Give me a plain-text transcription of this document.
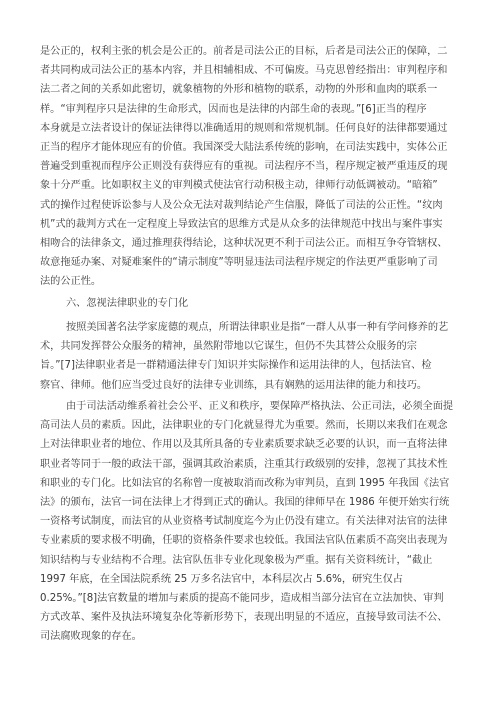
是公正的，权利主张的机会是公正的。前者是司法公正的目标，后者是司法公正的保障，二
者共同构成司法公正的基本内容，并且相辅相成、不可偏废。马克思曾经指出：审判程序和
法二者之间的关系如此密切，就象植物的外形和植物的联系，动物的外形和血肉的联系一
样。“审判程序只是法律的生命形式，因而也是法律的内部生命的表现。”[6]正当的程序
本身就是立法者设计的保证法律得以准确适用的规则和常规机制。任何良好的法律都要通过
正当的程序才能体现应有的价值。我国深受大陆法系传统的影响，在司法实践中，实体公正
普遍受到重视而程序公正则没有获得应有的重视。司法程序不当，程序规定被严重违反的现
象十分严重。比如职权主义的审判模式使法官行动积极主动，律师行动低调被动。“暗箱”
式的操作过程使诉讼参与人及公众无法对裁判结论产生信服，降低了司法的公正性。“纹肉
机”式的裁判方式在一定程度上导致法官的思维方式是从众多的法律规范中找出与案件事实
相吻合的法律条文，通过推理获得结论，这种状况更不利于司法公正。而相互争夺管辖权、
故意拖延办案、对疑难案件的“请示制度”等明显违法司法程序规定的作法更严重影响了司
法的公正性。
六、忽视法律职业的专门化
按照美国著名法学家庞德的观点，所谓法律职业是指“一群人从事一种有学问修养的艺
术，共同发挥替公众服务的精神，虽然附带地以它谋生，但仍不失其替公众服务的宗
旨。”[7]法律职业者是一群精通法律专门知识并实际操作和运用法律的人，包括法官、检
察官、律师。他们应当受过良好的法律专业训练，具有娴熟的运用法律的能力和技巧。
由于司法活动维系着社会公平、正义和秩序，要保障严格执法、公正司法，必须全面提
高司法人员的素质。因此，法律职业的专门化就显得尤为重要。然而，长期以来我们在观念
上对法律职业者的地位、作用以及其所具备的专业素质要求缺乏必要的认识，而一直将法律
职业者等同于一般的政法干部，强调其政治素质，注重其行政级别的安排，忽视了其技术性
和职业的专门化。比如法官的名称曾一度被取消而改称为审判员，直到 1995 年我国《法官
法》的颁布，法官一词在法律上才得到正式的确认。我国的律师早在 1986 年便开始实行统
一资格考试制度，而法官的从业资格考试制度迄今为止仍没有建立。有关法律对法官的法律
专业素质的要求极不明确，任职的资格条件要求也较低。我国法官队伍素质不高突出表现为
知识结构与专业结构不合理。法官队伍非专业化现象极为严重。据有关资料统计，“截止
1997 年底，在全国法院系统 25 万多名法官中，本科层次占 5.6%，研究生仅占
0.25%。”[8]法官数量的增加与素质的提高不能同步，造成相当部分法官在立法加快、审判
方式改革、案件及执法环境复杂化等新形势下，表现出明显的不适应，直接导致司法不公、
司法腐败现象的存在。
